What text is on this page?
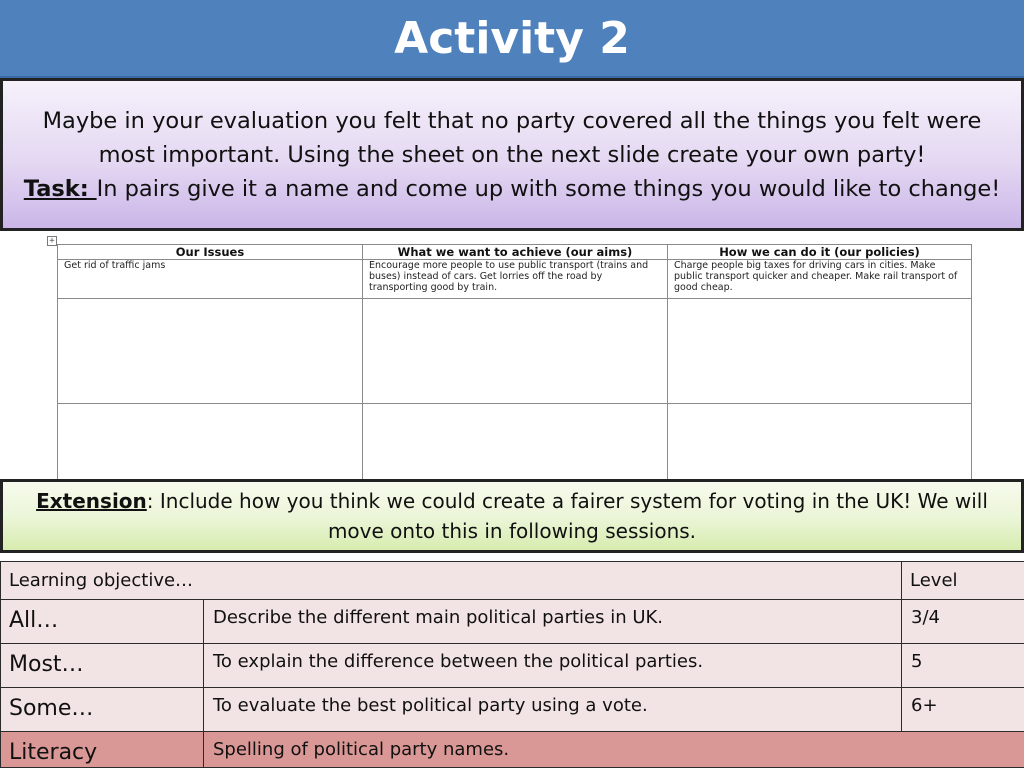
Activity 2
Maybe in your evaluation you felt that no party covered all the things you felt were most important. Using the sheet on the next slide create your own party!
Task: In pairs give it a name and come up with some things you would like to change!
+
Our Issues	What we want to achieve (our aims)	How we can do it (our policies)
Get rid of traffic jams	Encourage more people to use public transport (trains and buses) instead of cars. Get lorries off the road by transporting good by train.	Charge people big taxes for driving cars in cities. Make public transport quicker and cheaper. Make rail transport of good cheap.

Extension: Include how you think we could create a fairer system for voting in the UK! We will move onto this in following sessions.
Learning objective…		Level
All…	Describe the different main political parties in UK.	3/4
Most…	To explain the difference between the political parties.	5
Some…	To evaluate the best political party using a vote.	6+
Literacy	Spelling of political party names.	
